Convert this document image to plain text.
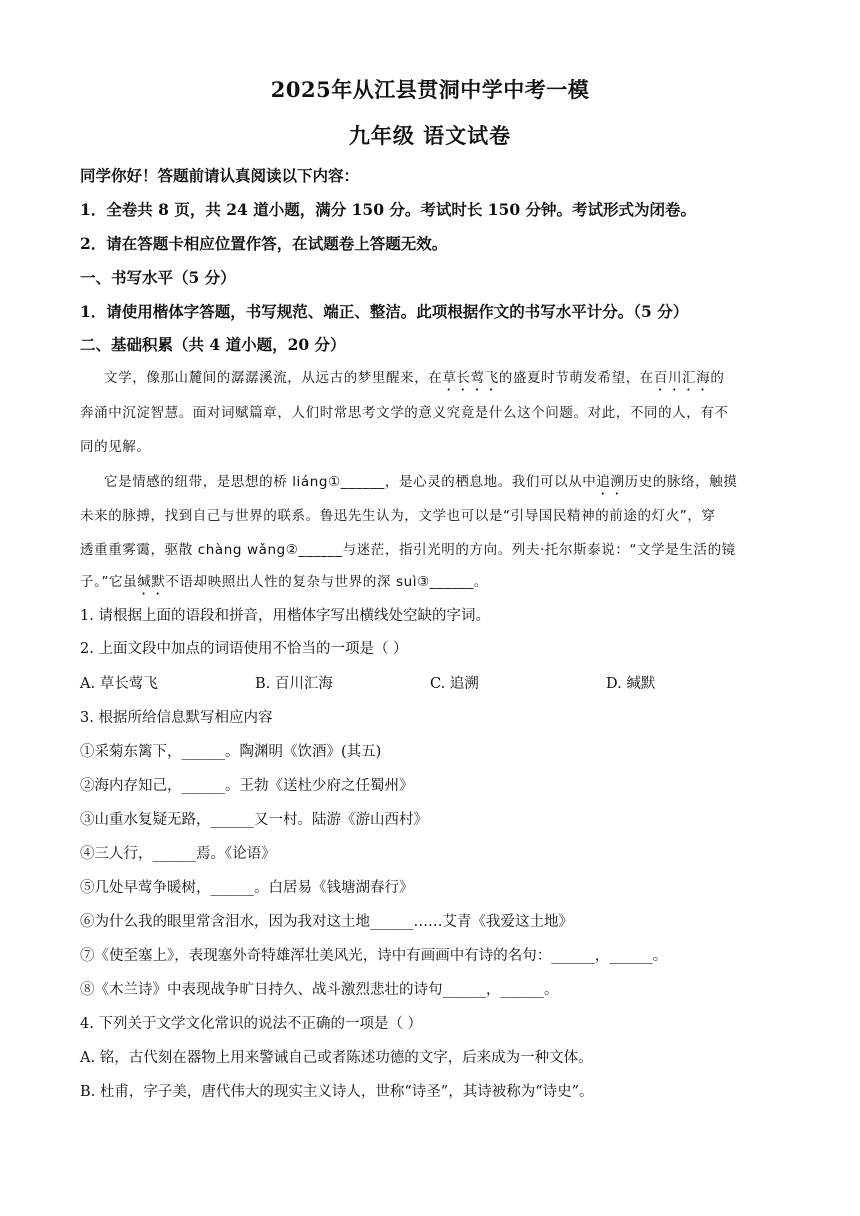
2025年从江县贯洞中学中考一模
九年级 语文试卷
同学你好！答题前请认真阅读以下内容：
1．全卷共 8 页，共 24 道小题，满分 150 分。考试时长 150 分钟。考试形式为闭卷。
2．请在答题卡相应位置作答，在试题卷上答题无效。
一、书写水平（5 分）
1．请使用楷体字答题，书写规范、端正、整洁。此项根据作文的书写水平计分。（5 分）
二、基础积累（共 4 道小题，20 分）
文学，像那山麓间的潺潺溪流，从远古的梦里醒来，在草长莺飞的盛夏时节萌发希望，在百川汇海的
奔涌中沉淀智慧。面对词赋篇章，人们时常思考文学的意义究竟是什么这个问题。对此，不同的人，有不
同的见解。
它是情感的纽带，是思想的桥 liáng①______，是心灵的栖息地。我们可以从中追溯历史的脉络，触摸
未来的脉搏，找到自己与世界的联系。鲁迅先生认为，文学也可以是“引导国民精神的前途的灯火”，穿
透重重雾霭，驱散 chàng wǎng②______与迷茫，指引光明的方向。列夫·托尔斯泰说：“文学是生活的镜
子。”它虽缄默不语却映照出人性的复杂与世界的深 suì③______。
1. 请根据上面的语段和拼音，用楷体字写出横线处空缺的字词。
2. 上面文段中加点的词语使用不恰当的一项是（ ）
A. 草长莺飞	B. 百川汇海	C. 追溯	D. 缄默
3. 根据所给信息默写相应内容
①采菊东篱下，______。陶渊明《饮酒》(其五)
②海内存知己，______。王勃《送杜少府之任蜀州》
③山重水复疑无路，______又一村。陆游《游山西村》
④三人行，______焉。《论语》
⑤几处早莺争暖树，______。白居易《钱塘湖春行》
⑥为什么我的眼里常含泪水，因为我对这土地______……艾青《我爱这土地》
⑦《使至塞上》，表现塞外奇特雄浑壮美风光，诗中有画画中有诗的名句：______，______。
⑧《木兰诗》中表现战争旷日持久、战斗激烈悲壮的诗句______，______。
4. 下列关于文学文化常识的说法不正确的一项是（ ）
A. 铭，古代刻在器物上用来警诫自己或者陈述功德的文字，后来成为一种文体。
B. 杜甫，字子美，唐代伟大的现实主义诗人，世称“诗圣”，其诗被称为“诗史”。
